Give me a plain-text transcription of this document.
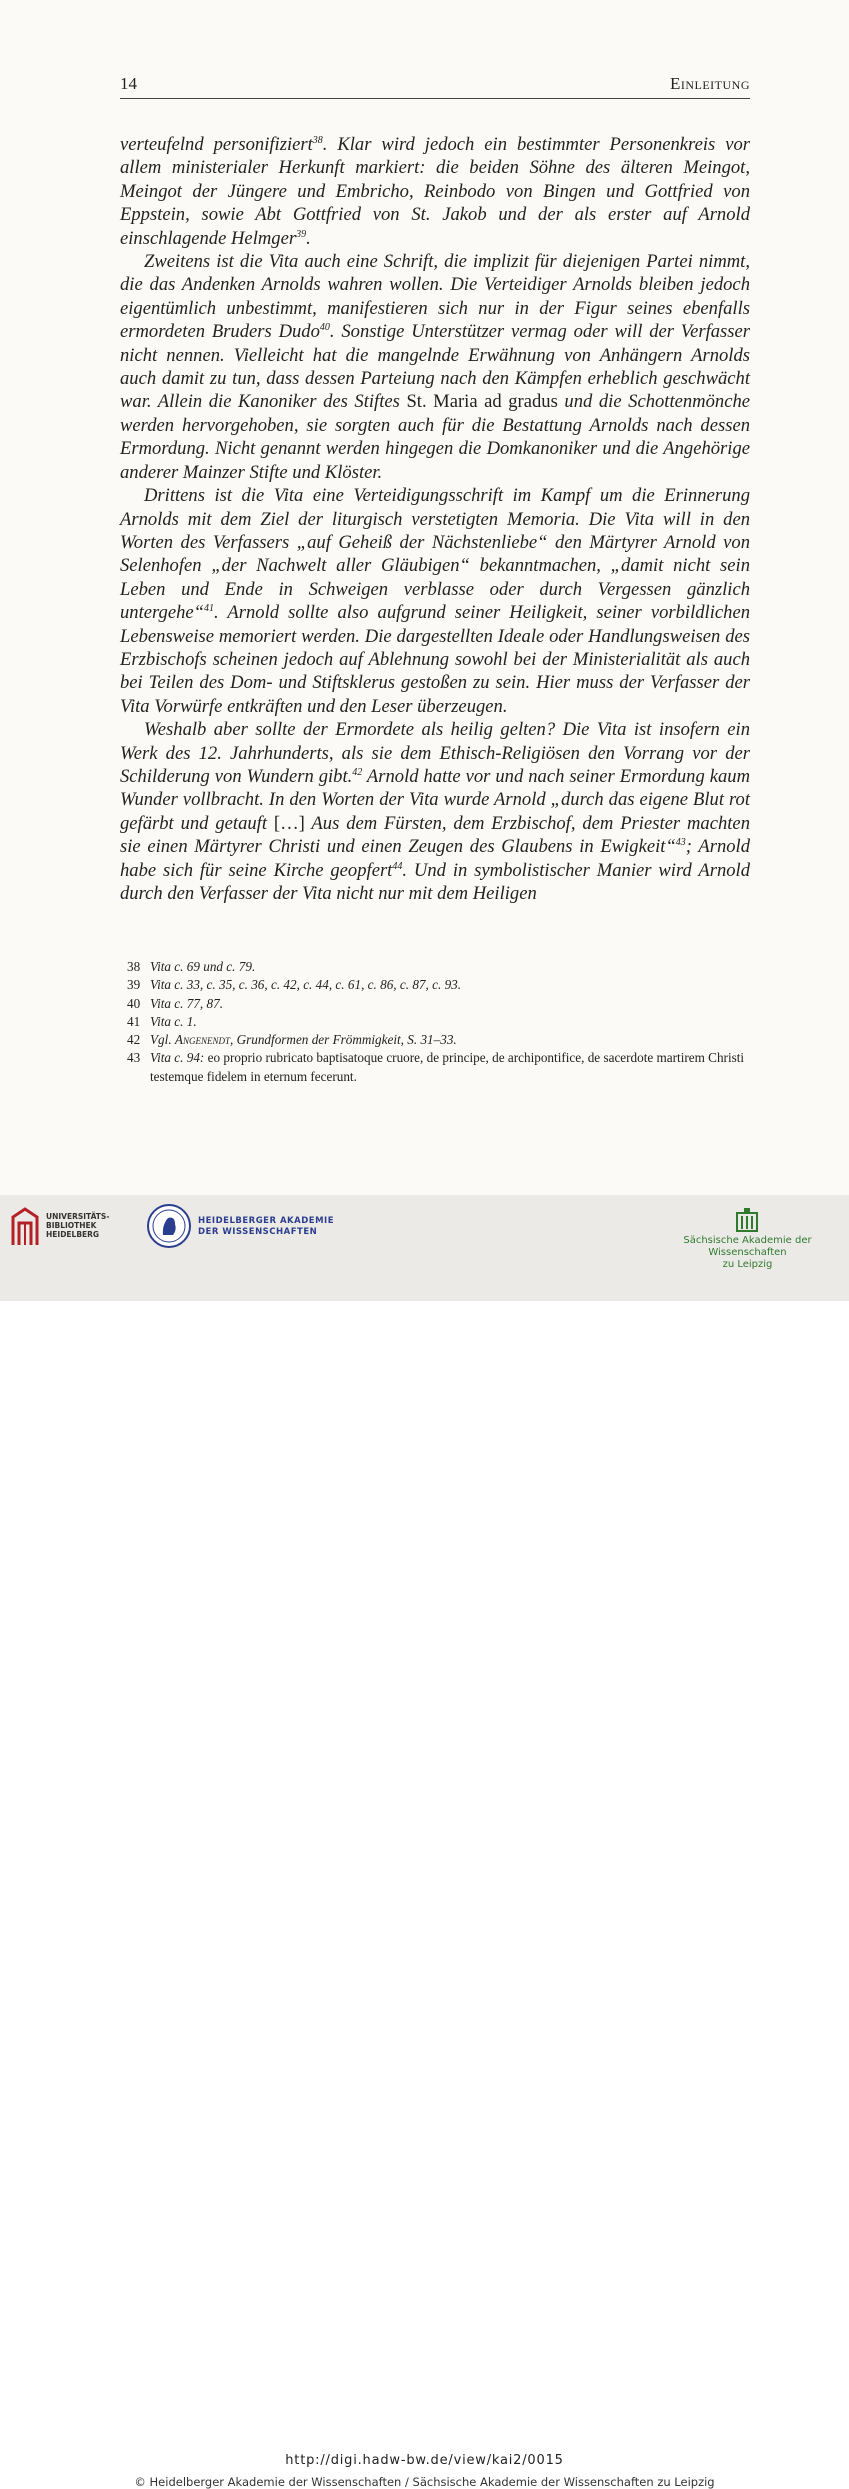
14	Einleitung

verteufelnd personifiziert$^{38}$. Klar wird jedoch ein bestimmter Personenkreis vor allem ministerialer Herkunft markiert: die beiden Söhne des älteren Meingot, Meingot der Jüngere und Embricho, Reinbodo von Bingen und Gottfried von Eppstein, sowie Abt Gottfried von St. Jakob und der als erster auf Arnold einschlagende Helmger$^{39}$.

Zweitens ist die Vita auch eine Schrift, die implizit für diejenigen Partei nimmt, die das Andenken Arnolds wahren wollen. Die Verteidiger Arnolds bleiben jedoch eigentümlich unbestimmt, manifestieren sich nur in der Figur seines ebenfalls ermordeten Bruders Dudo$^{40}$. Sonstige Unterstützer vermag oder will der Verfasser nicht nennen. Vielleicht hat die mangelnde Erwähnung von Anhängern Arnolds auch damit zu tun, dass dessen Parteiung nach den Kämpfen erheblich geschwächt war. Allein die Kanoniker des Stiftes St. Maria ad gradus und die Schottenmönche werden hervorgehoben, sie sorgten auch für die Bestattung Arnolds nach dessen Ermordung. Nicht genannt werden hingegen die Domkanoniker und die Angehörige anderer Mainzer Stifte und Klöster.

Drittens ist die Vita eine Verteidigungsschrift im Kampf um die Erinnerung Arnolds mit dem Ziel der liturgisch verstetigten Memoria. Die Vita will in den Worten des Verfassers „auf Geheiß der Nächstenliebe“ den Märtyrer Arnold von Selenhofen „der Nachwelt aller Gläubigen“ bekanntmachen, „damit nicht sein Leben und Ende in Schweigen verblasse oder durch Vergessen gänzlich untergehe“$^{41}$. Arnold sollte also aufgrund seiner Heiligkeit, seiner vorbildlichen Lebensweise memoriert werden. Die dargestellten Ideale oder Handlungsweisen des Erzbischofs scheinen jedoch auf Ablehnung sowohl bei der Ministerialität als auch bei Teilen des Dom- und Stiftsklerus gestoßen zu sein. Hier muss der Verfasser der Vita Vorwürfe entkräften und den Leser überzeugen.

Weshalb aber sollte der Ermordete als heilig gelten? Die Vita ist insofern ein Werk des 12. Jahrhunderts, als sie dem Ethisch-Religiösen den Vorrang vor der Schilderung von Wundern gibt.$^{42}$ Arnold hatte vor und nach seiner Ermordung kaum Wunder vollbracht. In den Worten der Vita wurde Arnold „durch das eigene Blut rot gefärbt und getauft […] Aus dem Fürsten, dem Erzbischof, dem Priester machten sie einen Märtyrer Christi und einen Zeugen des Glaubens in Ewigkeit“$^{43}$; Arnold habe sich für seine Kirche geopfert$^{44}$. Und in symbolistischer Manier wird Arnold durch den Verfasser der Vita nicht nur mit dem Heiligen

38 Vita c. 69 und c. 79.
39 Vita c. 33, c. 35, c. 36, c. 42, c. 44, c. 61, c. 86, c. 87, c. 93.
40 Vita c. 77, 87.
41 Vita c. 1.
42 Vgl. Angenendt, Grundformen der Frömmigkeit, S. 31–33.
43 Vita c. 94: eo proprio rubricato baptisatoque cruore, de principe, de archipontifice, de sacerdote martirem Christi testemque fidelem in eternum fecerunt.
UNIVERSITÄTS-
BIBLIOTHEK
HEIDELBERG
HEIDELBERGER AKADEMIE
DER WISSENSCHAFTEN
Sächsische Akademie der Wissenschaften
zu Leipzig
http://digi.hadw-bw.de/view/kai2/0015
© Heidelberger Akademie der Wissenschaften / Sächsische Akademie der Wissenschaften zu Leipzig
